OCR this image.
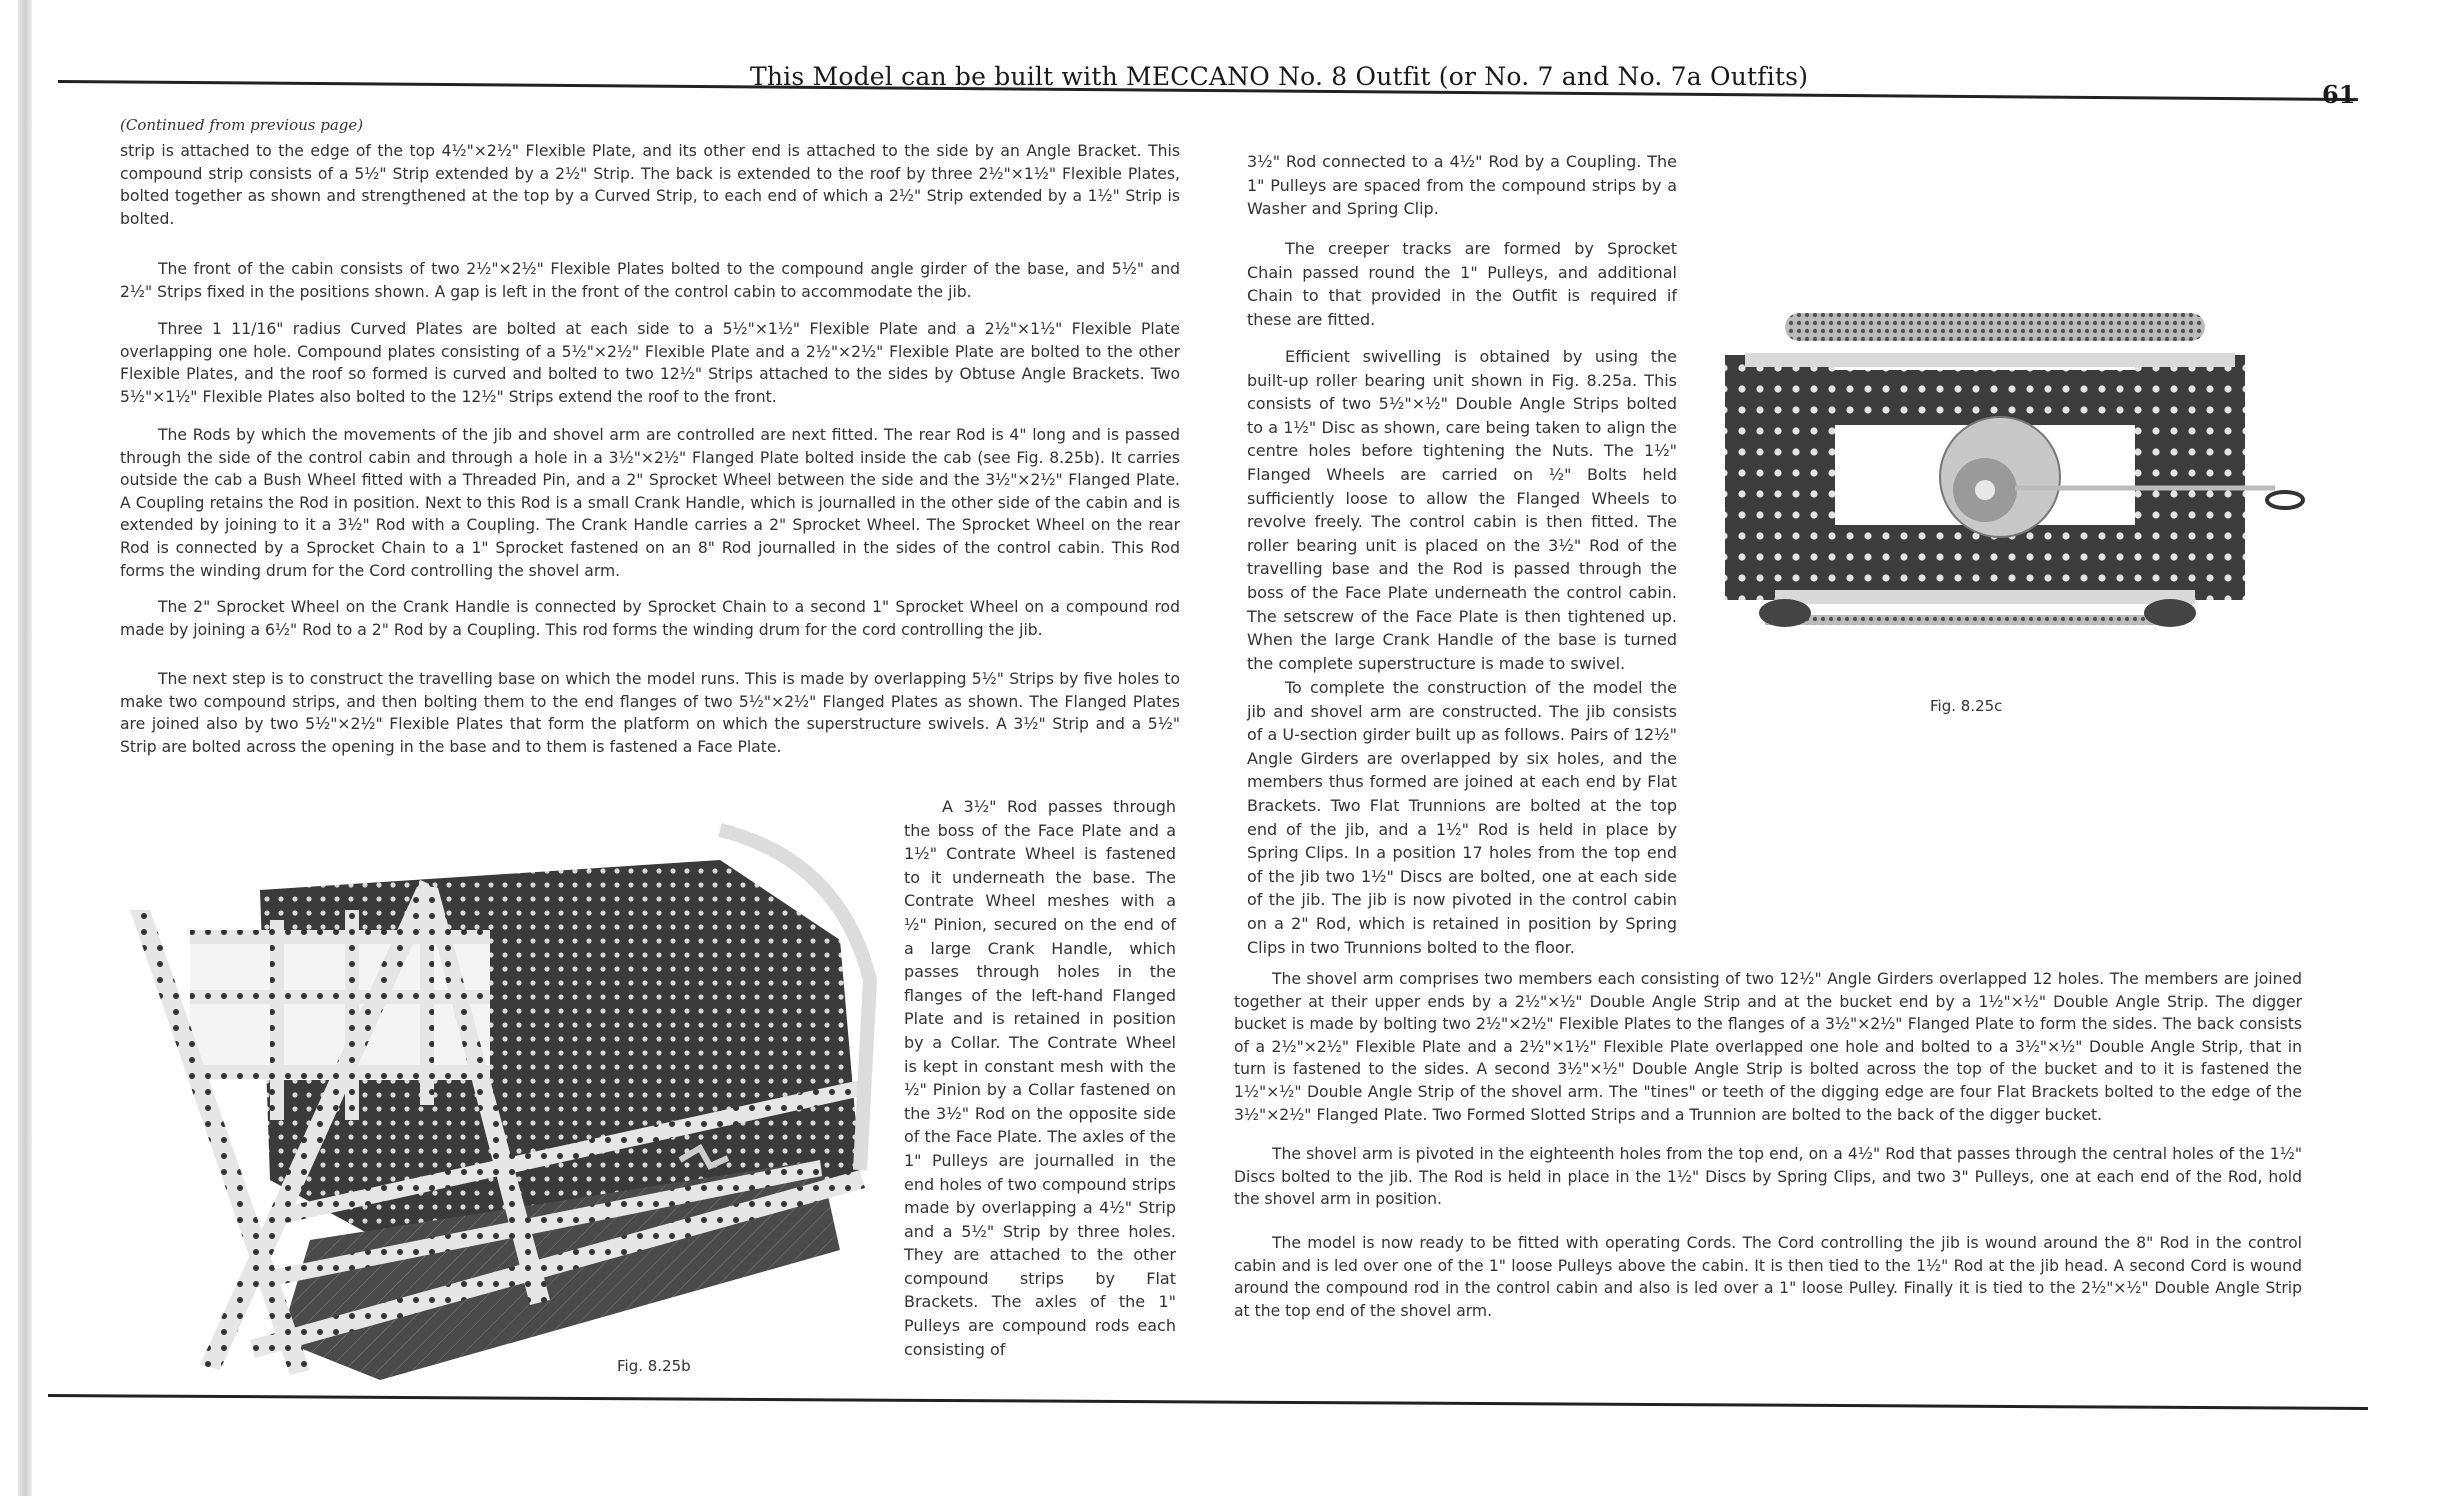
This Model can be built with MECCANO No. 8 Outfit (or No. 7 and No. 7a Outfits)
61
(Continued from previous page)
strip is attached to the edge of the top 4½"×2½" Flexible Plate, and its other end is attached to the side by an Angle Bracket. This compound strip consists of a 5½" Strip extended by a 2½" Strip. The back is extended to the roof by three 2½"×1½" Flexible Plates, bolted together as shown and strengthened at the top by a Curved Strip, to each end of which a 2½" Strip extended by a 1½" Strip is bolted.
The front of the cabin consists of two 2½"×2½" Flexible Plates bolted to the compound angle girder of the base, and 5½" and 2½" Strips fixed in the positions shown. A gap is left in the front of the control cabin to accommodate the jib.
Three 1 11/16" radius Curved Plates are bolted at each side to a 5½"×1½" Flexible Plate and a 2½"×1½" Flexible Plate overlapping one hole. Compound plates consisting of a 5½"×2½" Flexible Plate and a 2½"×2½" Flexible Plate are bolted to the other Flexible Plates, and the roof so formed is curved and bolted to two 12½" Strips attached to the sides by Obtuse Angle Brackets. Two 5½"×1½" Flexible Plates also bolted to the 12½" Strips extend the roof to the front.
The Rods by which the movements of the jib and shovel arm are controlled are next fitted. The rear Rod is 4" long and is passed through the side of the control cabin and through a hole in a 3½"×2½" Flanged Plate bolted inside the cab (see Fig. 8.25b). It carries outside the cab a Bush Wheel fitted with a Threaded Pin, and a 2" Sprocket Wheel between the side and the 3½"×2½" Flanged Plate. A Coupling retains the Rod in position. Next to this Rod is a small Crank Handle, which is journalled in the other side of the cabin and is extended by joining to it a 3½" Rod with a Coupling. The Crank Handle carries a 2" Sprocket Wheel. The Sprocket Wheel on the rear Rod is connected by a Sprocket Chain to a 1" Sprocket fastened on an 8" Rod journalled in the sides of the control cabin. This Rod forms the winding drum for the Cord controlling the shovel arm.
The 2" Sprocket Wheel on the Crank Handle is connected by Sprocket Chain to a second 1" Sprocket Wheel on a compound rod made by joining a 6½" Rod to a 2" Rod by a Coupling. This rod forms the winding drum for the cord controlling the jib.
The next step is to construct the travelling base on which the model runs. This is made by overlapping 5½" Strips by five holes to make two compound strips, and then bolting them to the end flanges of two 5½"×2½" Flanged Plates as shown. The Flanged Plates are joined also by two 5½"×2½" Flexible Plates that form the platform on which the superstructure swivels. A 3½" Strip and a 5½" Strip are bolted across the opening in the base and to them is fastened a Face Plate.
A 3½" Rod passes through the boss of the Face Plate and a 1½" Contrate Wheel is fastened to it underneath the base. The Contrate Wheel meshes with a ½" Pinion, secured on the end of a large Crank Handle, which passes through holes in the flanges of the left-hand Flanged Plate and is retained in position by a Collar. The Contrate Wheel is kept in constant mesh with the ½" Pinion by a Collar fastened on the 3½" Rod on the opposite side of the Face Plate. The axles of the 1" Pulleys are journalled in the end holes of two compound strips made by overlapping a 4½" Strip and a 5½" Strip by three holes. They are attached to the other compound strips by Flat Brackets. The axles of the 1" Pulleys are compound rods each consisting of
Fig. 8.25b
3½" Rod connected to a 4½" Rod by a Coupling. The 1" Pulleys are spaced from the compound strips by a Washer and Spring Clip.
The creeper tracks are formed by Sprocket Chain passed round the 1" Pulleys, and additional Chain to that provided in the Outfit is required if these are fitted.
Efficient swivelling is obtained by using the built-up roller bearing unit shown in Fig. 8.25a. This consists of two 5½"×½" Double Angle Strips bolted to a 1½" Disc as shown, care being taken to align the centre holes before tightening the Nuts. The 1½" Flanged Wheels are carried on ½" Bolts held sufficiently loose to allow the Flanged Wheels to revolve freely. The control cabin is then fitted. The roller bearing unit is placed on the 3½" Rod of the travelling base and the Rod is passed through the boss of the Face Plate underneath the control cabin. The setscrew of the Face Plate is then tightened up. When the large Crank Handle of the base is turned the complete superstructure is made to swivel.
To complete the construction of the model the jib and shovel arm are constructed. The jib consists of a U-section girder built up as follows. Pairs of 12½" Angle Girders are overlapped by six holes, and the members thus formed are joined at each end by Flat Brackets. Two Flat Trunnions are bolted at the top end of the jib, and a 1½" Rod is held in place by Spring Clips. In a position 17 holes from the top end of the jib two 1½" Discs are bolted, one at each side of the jib. The jib is now pivoted in the control cabin on a 2" Rod, which is retained in position by Spring Clips in two Trunnions bolted to the floor.
Fig. 8.25c
The shovel arm comprises two members each consisting of two 12½" Angle Girders overlapped 12 holes. The members are joined together at their upper ends by a 2½"×½" Double Angle Strip and at the bucket end by a 1½"×½" Double Angle Strip. The digger bucket is made by bolting two 2½"×2½" Flexible Plates to the flanges of a 3½"×2½" Flanged Plate to form the sides. The back consists of a 2½"×2½" Flexible Plate and a 2½"×1½" Flexible Plate overlapped one hole and bolted to a 3½"×½" Double Angle Strip, that in turn is fastened to the sides. A second 3½"×½" Double Angle Strip is bolted across the top of the bucket and to it is fastened the 1½"×½" Double Angle Strip of the shovel arm. The "tines" or teeth of the digging edge are four Flat Brackets bolted to the edge of the 3½"×2½" Flanged Plate. Two Formed Slotted Strips and a Trunnion are bolted to the back of the digger bucket.
The shovel arm is pivoted in the eighteenth holes from the top end, on a 4½" Rod that passes through the central holes of the 1½" Discs bolted to the jib. The Rod is held in place in the 1½" Discs by Spring Clips, and two 3" Pulleys, one at each end of the Rod, hold the shovel arm in position.
The model is now ready to be fitted with operating Cords. The Cord controlling the jib is wound around the 8" Rod in the control cabin and is led over one of the 1" loose Pulleys above the cabin. It is then tied to the 1½" Rod at the jib head. A second Cord is wound around the compound rod in the control cabin and also is led over a 1" loose Pulley. Finally it is tied to the 2½"×½" Double Angle Strip at the top end of the shovel arm.
